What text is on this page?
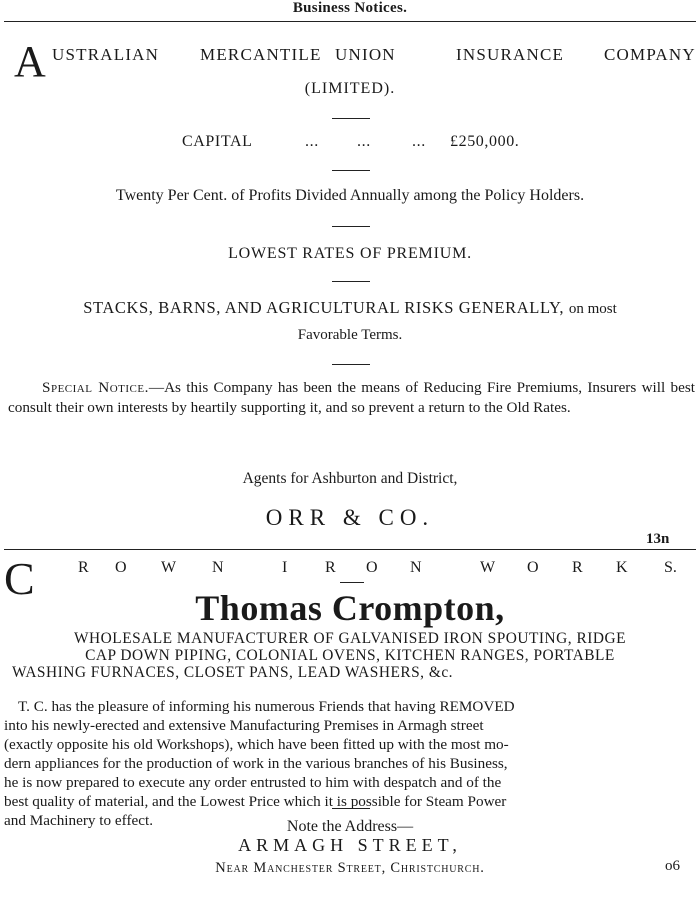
Business Notices.
A USTRALIAN MERCANTILE UNION	INSURANCE COMPANY
(LIMITED).
CAPITAL	... ...	... £250,000.
Twenty Per Cent. of Profits Divided Annually among the Policy Holders.
LOWEST RATES OF PREMIUM.
STACKS, BARNS, AND AGRICULTURAL RISKS GENERALLY, on most
Favorable Terms.
Special Notice.—As this Company has been the means of Reducing Fire Premiums, Insurers will best consult their own interests by heartily supporting it, and so prevent a return to the Old Rates.
Agents for Ashburton and District,
ORR & CO.
13n
C	R O W N	I R O N	W O R K S.
Thomas Crompton,
WHOLESALE MANUFACTURER OF GALVANISED IRON SPOUTING, RIDGE
CAP DOWN PIPING, COLONIAL OVENS, KITCHEN RANGES, PORTABLE
WASHING FURNACES, CLOSET PANS, LEAD WASHERS, &c.
T. C. has the pleasure of informing his numerous Friends that having REMOVED
into his newly-erected and extensive Manufacturing Premises in Armagh street
(exactly opposite his old Workshops), which have been fitted up with the most mo-
dern appliances for the production of work in the various branches of his Business,
he is now prepared to execute any order entrusted to him with despatch and of the
best quality of material, and the Lowest Price which it is possible for Steam Power
and Machinery to effect.	Note the Address—
ARMAGH STREET,
Near Manchester Street, Christchurch.	o6
